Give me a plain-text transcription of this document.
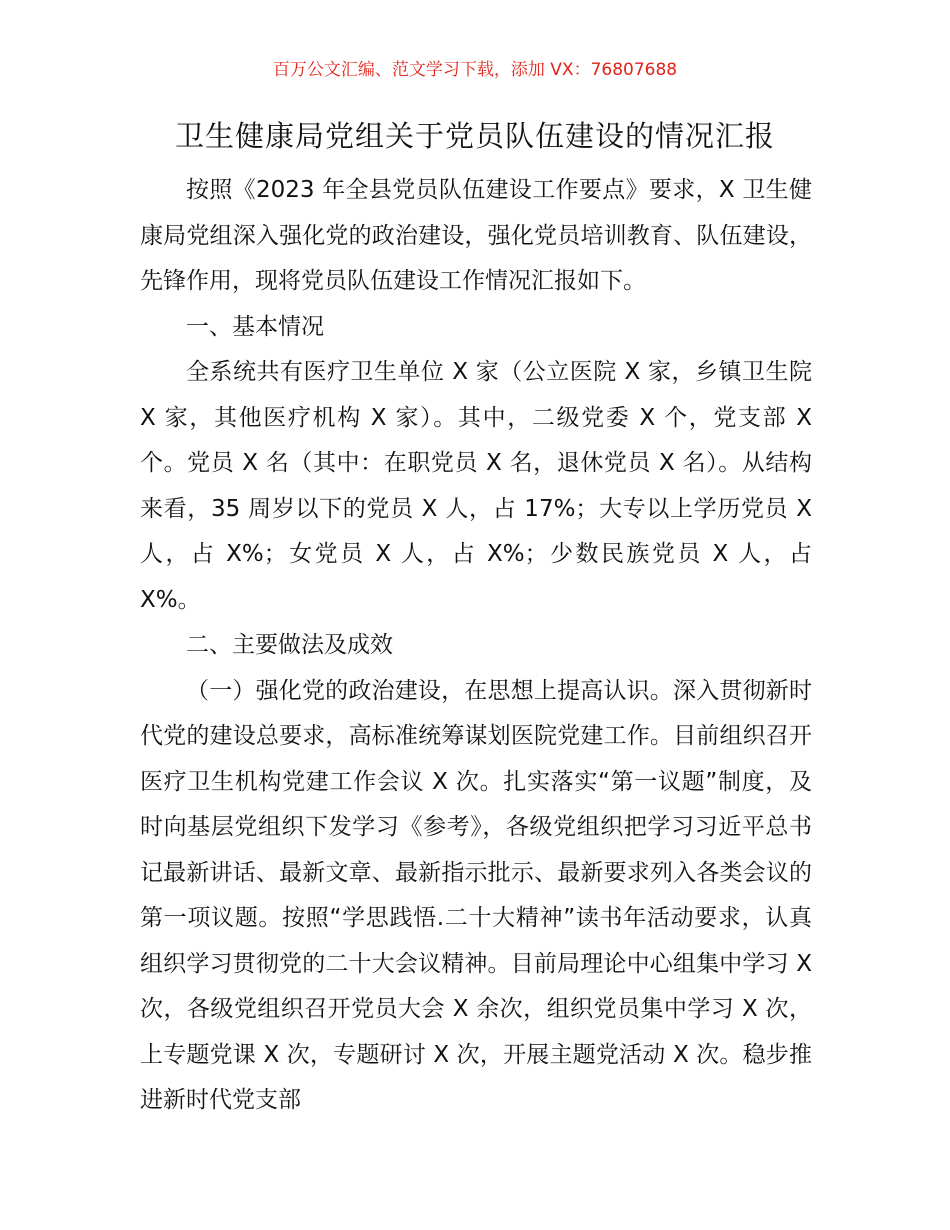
百万公文汇编、范文学习下载，添加 VX：76807688
卫生健康局党组关于党员队伍建设的情况汇报

按照《2023 年全县党员队伍建设工作要点》要求，X 卫生健康局党组深入强化党的政治建设，强化党员培训教育、队伍建设，先锋作用，现将党员队伍建设工作情况汇报如下。

一、基本情况

全系统共有医疗卫生单位 X 家（公立医院 X 家，乡镇卫生院 X 家，其他医疗机构 X 家）。其中，二级党委 X 个，党支部 X 个。党员 X 名（其中：在职党员 X 名，退休党员 X 名）。从结构来看，35 周岁以下的党员 X 人，占 17%；大专以上学历党员 X 人，占 X%；女党员 X 人，占 X%；少数民族党员 X 人，占 X%。

二、主要做法及成效

（一）强化党的政治建设，在思想上提高认识。深入贯彻新时代党的建设总要求，高标准统筹谋划医院党建工作。目前组织召开医疗卫生机构党建工作会议 X 次。扎实落实“第一议题”制度，及时向基层党组织下发学习《参考》，各级党组织把学习习近平总书记最新讲话、最新文章、最新指示批示、最新要求列入各类会议的第一项议题。按照“学思践悟.二十大精神”读书年活动要求，认真组织学习贯彻党的二十大会议精神。目前局理论中心组集中学习 X 次，各级党组织召开党员大会 X 余次，组织党员集中学习 X 次，上专题党课 X 次，专题研讨 X 次，开展主题党活动 X 次。稳步推进新时代党支部
